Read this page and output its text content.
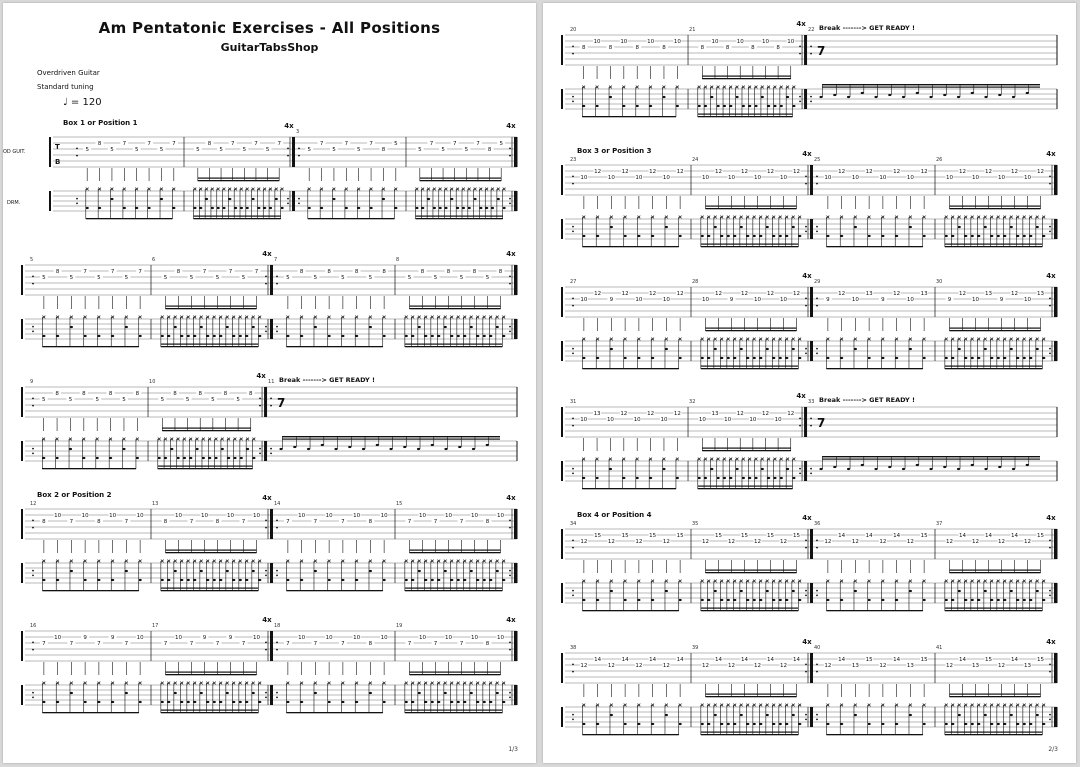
Am Pentatonic Exercises - All Positions
GuitarTabsShop
Overdriven Guitar
Standard tuning
♩ = 120
Box 1 or Position 1
OD GUIT.
DRM.
T
B
5
8
5
7
5
7
5
7
4x
5
8
5
7
5
7
5
7
3
5
7
5
7
5
7
8
5
4x
5
7
5
7
5
7
8
5
5
5
8
5
7
5
7
5
7
6
4x
5
8
5
7
5
7
5
7
7
5
8
5
8
5
8
5
8
8
4x
5
8
5
8
5
8
5
8
9
5
8
5
8
5
8
5
8
10
4x
5
8
5
8
5
8
5
8
11
7
Break -------> GET READY !
Box 2 or Position 2
12
8
10
7
10
8
10
7
10
13
4x
8
10
7
10
8
10
7
10
14
7
10
7
10
7
10
8
10
15
4x
7
10
7
10
7
10
8
10
16
7
10
7
9
7
9
7
10
17
4x
7
10
7
9
7
9
7
10
18
7
10
7
10
7
10
8
10
19
4x
7
10
7
10
7
10
8
10
1/3
20
8
10
8
10
8
10
8
10
21
4x
8
10
8
10
8
10
8
10
22
7
Break -------> GET READY !
Box 3 or Position 3
23
10
12
10
12
10
12
10
12
24
4x
10
12
10
12
10
12
10
12
25
10
12
10
12
10
12
10
12
26
4x
10
12
10
12
10
12
10
12
27
10
12
9
12
10
12
10
12
28
4x
10
12
9
12
10
12
10
12
29
9
12
10
13
9
12
10
13
30
4x
9
12
10
13
9
12
10
13
31
10
13
10
12
10
12
10
12
32
4x
10
13
10
12
10
12
10
12
33
7
Break -------> GET READY !
Box 4 or Position 4
34
12
15
12
15
12
15
12
15
35
4x
12
15
12
15
12
15
12
15
36
12
14
12
14
12
14
12
15
37
4x
12
14
12
14
12
14
12
15
38
12
14
12
14
12
14
12
14
39
4x
12
14
12
14
12
14
12
14
40
12
14
13
15
12
14
13
15
41
4x
12
14
13
15
12
14
13
15
2/3
